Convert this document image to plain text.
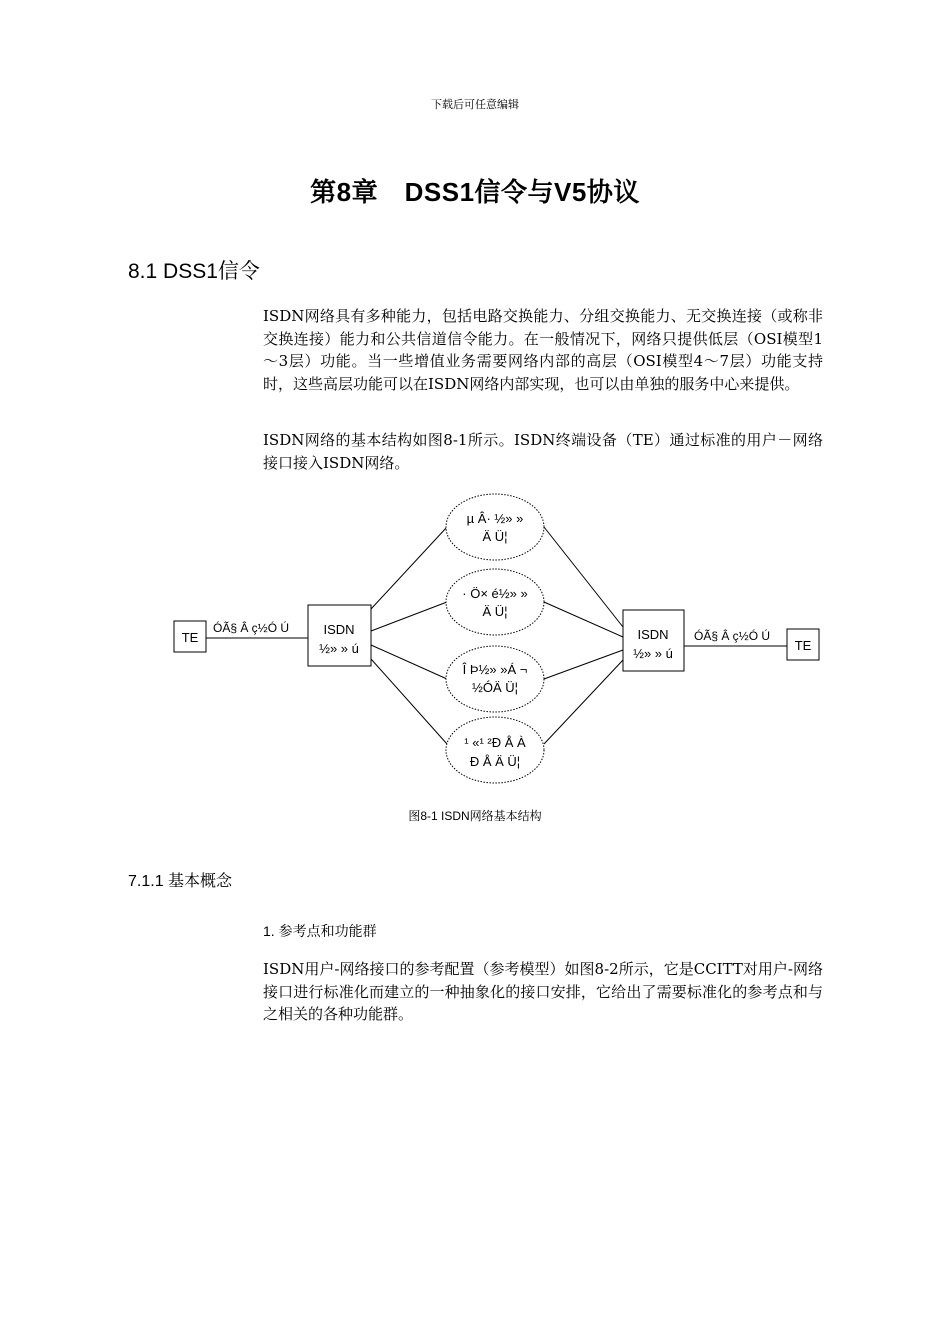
下载后可任意编辑
第8章　DSS1信令与V5协议
8.1 DSS1信令
ISDN网络具有多种能力，包括电路交换能力、分组交换能力、无交换连接（或称非交换连接）能力和公共信道信令能力。在一般情况下，网络只提供低层（OSI模型1～3层）功能。当一些增值业务需要网络内部的高层（OSI模型4～7层）功能支持时，这些高层功能可以在ISDN网络内部实现，也可以由单独的服务中心来提供。
ISDN网络的基本结构如图8-1所示。ISDN终端设备（TE）通过标准的用户－网络接口接入ISDN网络。
TE
ÓÃ§ Â ç½Ó Ú
ÓÃ§ Â ç½Ó Ú
ISDN
½» » ú
ISDN
½» » ú
TE
µ Â· ½» »
Ä Ü¦
· Ö× é½» »
Ä Ü¦
Î Þ½» »Á ¬
½ÓÄ Ü¦
¹ «¹ ²Ð Å À
Ð Å Ä Ü¦
图8-1 ISDN网络基本结构
7.1.1 基本概念
1. 参考点和功能群
ISDN用户-网络接口的参考配置（参考模型）如图8-2所示，它是CCITT对用户-网络接口进行标准化而建立的一种抽象化的接口安排，它给出了需要标准化的参考点和与之相关的各种功能群。
